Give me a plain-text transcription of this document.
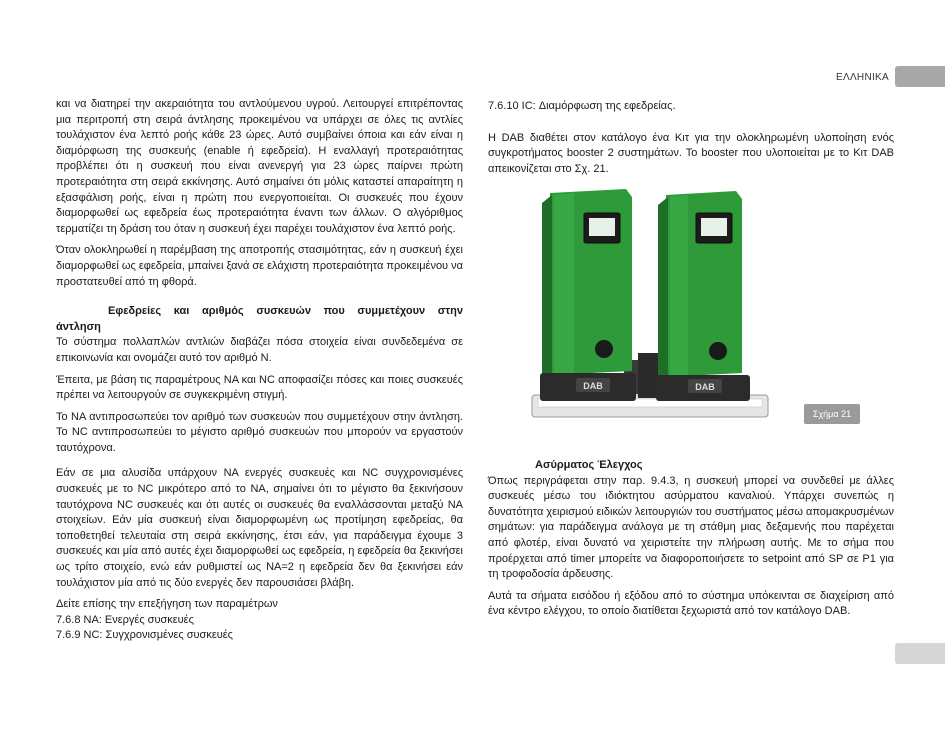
ΕΛΛΗΝΙΚΑ

και να διατηρεί την ακεραιότητα του αντλούμενου υγρού. Λειτουργεί επιτρέποντας μια περιτροπή στη σειρά άντλησης προκειμένου να υπάρχει σε όλες τις αντλίες τουλάχιστον ένα λεπτό ροής κάθε 23 ώρες. Αυτό συμβαίνει όποια και εάν είναι η διαμόρφωση της συσκευής (enable ή εφεδρεία). Η εναλλαγή προτεραιότητας προβλέπει ότι η συσκευή που είναι ανενεργή για 23 ώρες παίρνει πρώτη προτεραιότητα στη σειρά εκκίνησης. Αυτό σημαίνει ότι μόλις καταστεί απαραίτητη η εξασφάλιση ροής, είναι η πρώτη που ενεργοποιείται. Οι συσκευές που έχουν διαμορφωθεί ως εφεδρεία έως προτεραιότητα έναντι των άλλων. Ο αλγόριθμος τερματίζει τη δράση του όταν η συσκευή έχει παρέχει τουλάχιστον ένα λεπτό ροής.

Όταν ολοκληρωθεί η παρέμβαση της αποτροπής στασιμότητας, εάν η συσκευή έχει διαμορφωθεί ως εφεδρεία, μπαίνει ξανά σε ελάχιστη προτεραιότητα προκειμένου να προστατευθεί από τη φθορά.

Εφεδρείες και αριθμός συσκευών που συμμετέχουν στην
άντληση

Το σύστημα πολλαπλών αντλιών διαβάζει πόσα στοιχεία είναι συνδεδεμένα σε επικοινωνία και ονομάζει αυτό τον αριθμό N.

Έπειτα, με βάση τις παραμέτρους NA και NC αποφασίζει πόσες και ποιες συσκευές πρέπει να λειτουργούν σε συγκεκριμένη στιγμή.

Το NA αντιπροσωπεύει τον αριθμό των συσκευών που συμμετέχουν στην άντληση. Το NC αντιπροσωπεύει το μέγιστο αριθμό συσκευών που μπορούν να εργαστούν ταυτόχρονα.

Εάν σε μια αλυσίδα υπάρχουν NA ενεργές συσκευές και NC συγχρονισμένες συσκευές με το NC μικρότερο από το NA, σημαίνει ότι το μέγιστο θα ξεκινήσουν ταυτόχρονα NC συσκευές και ότι αυτές οι συσκευές θα εναλλάσσονται μεταξύ NA στοιχείων. Εάν μία συσκευή είναι διαμορφωμένη ως προτίμηση εφεδρείας, θα τοποθετηθεί τελευταία στη σειρά εκκίνησης, έτσι εάν, για παράδειγμα έχουμε 3 συσκευές και μία από αυτές έχει διαμορφωθεί ως εφεδρεία, η εφεδρεία θα ξεκινήσει ως τρίτο στοιχείο, ενώ εάν ρυθμιστεί ως NA=2 η εφεδρεία δεν θα ξεκινήσει εάν τουλάχιστον μία από τις δύο ενεργές δεν παρουσιάσει βλάβη.

Δείτε επίσης την επεξήγηση των παραμέτρων
7.6.8 NA: Ενεργές συσκευές
7.6.9 NC: Συγχρονισμένες συσκευές

7.6.10 IC: Διαμόρφωση της εφεδρείας.

Η DAB διαθέτει στον κατάλογο ένα Κιτ για την ολοκληρωμένη υλοποίηση ενός συγκροτήματος booster 2 συστημάτων. Το booster που υλοποιείται με το Κιτ DAB απεικονίζεται στο Σχ. 21.

DAB	DAB
Σχήμα 21
Ασύρματος Έλεγχος

Όπως περιγράφεται στην παρ. 9.4.3, η συσκευή μπορεί να συνδεθεί με άλλες συσκευές μέσω του ιδιόκτητου ασύρματου καναλιού. Υπάρχει συνεπώς η δυνατότητα χειρισμού ειδικών λειτουργιών του συστήματος μέσω απομακρυσμένων σημάτων: για παράδειγμα ανάλογα με τη στάθμη μιας δεξαμενής που παρέχεται από φλοτέρ, είναι δυνατό να χειριστείτε την πλήρωση αυτής. Με το σήμα που προέρχεται από timer μπορείτε να διαφοροποιήσετε το setpoint από SP σε P1 για τη τροφοδοσία άρδευσης.

Αυτά τα σήματα εισόδου ή εξόδου από το σύστημα υπόκεινται σε διαχείριση από ένα κέντρο ελέγχου, το οποίο διατίθεται ξεχωριστά από τον κατάλογο DAB.
